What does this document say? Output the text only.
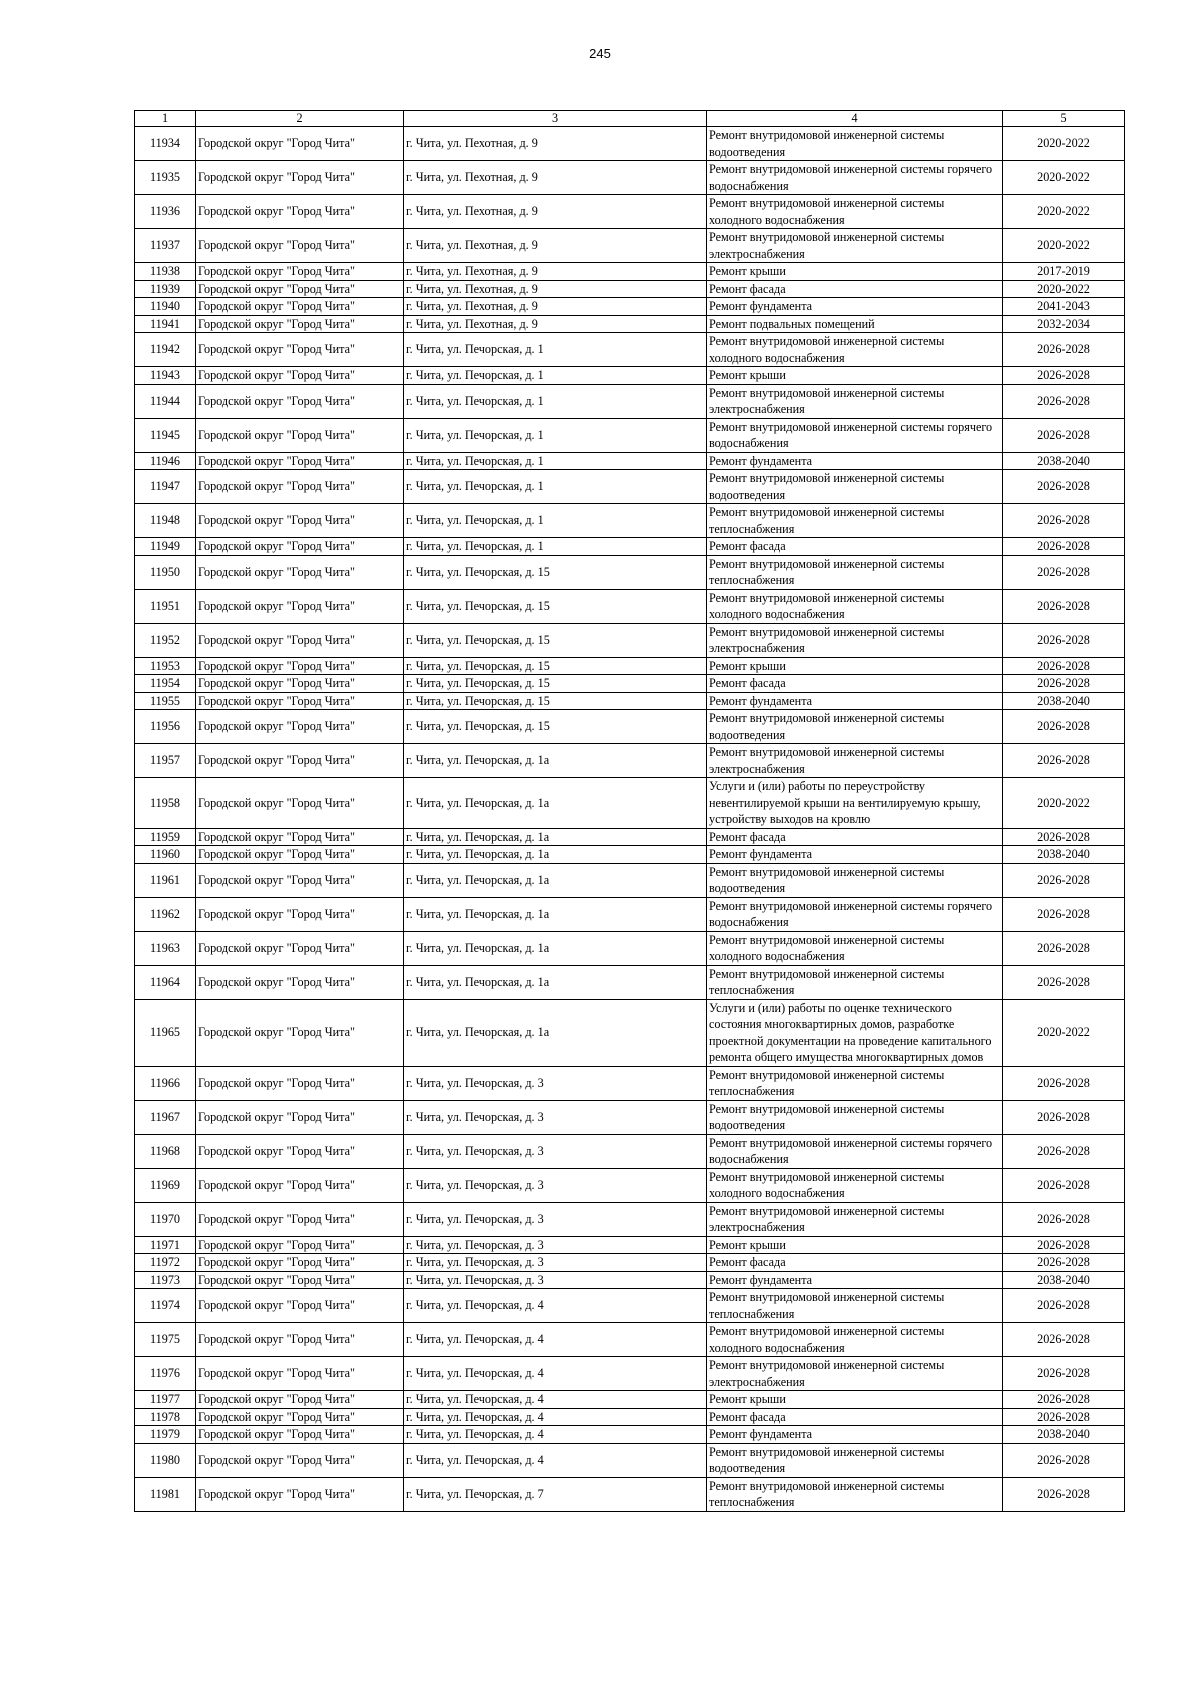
245
1	2	3	4	5
11934	Городской округ "Город Чита"	г. Чита, ул. Пехотная, д. 9	Ремонт внутридомовой инженерной системы водоотведения	2020-2022
11935	Городской округ "Город Чита"	г. Чита, ул. Пехотная, д. 9	Ремонт внутридомовой инженерной системы горячего водоснабжения	2020-2022
11936	Городской округ "Город Чита"	г. Чита, ул. Пехотная, д. 9	Ремонт внутридомовой инженерной системы холодного водоснабжения	2020-2022
11937	Городской округ "Город Чита"	г. Чита, ул. Пехотная, д. 9	Ремонт внутридомовой инженерной системы электроснабжения	2020-2022
11938	Городской округ "Город Чита"	г. Чита, ул. Пехотная, д. 9	Ремонт крыши	2017-2019
11939	Городской округ "Город Чита"	г. Чита, ул. Пехотная, д. 9	Ремонт фасада	2020-2022
11940	Городской округ "Город Чита"	г. Чита, ул. Пехотная, д. 9	Ремонт фундамента	2041-2043
11941	Городской округ "Город Чита"	г. Чита, ул. Пехотная, д. 9	Ремонт подвальных помещений	2032-2034
11942	Городской округ "Город Чита"	г. Чита, ул. Печорская, д. 1	Ремонт внутридомовой инженерной системы холодного водоснабжения	2026-2028
11943	Городской округ "Город Чита"	г. Чита, ул. Печорская, д. 1	Ремонт крыши	2026-2028
11944	Городской округ "Город Чита"	г. Чита, ул. Печорская, д. 1	Ремонт внутридомовой инженерной системы электроснабжения	2026-2028
11945	Городской округ "Город Чита"	г. Чита, ул. Печорская, д. 1	Ремонт внутридомовой инженерной системы горячего водоснабжения	2026-2028
11946	Городской округ "Город Чита"	г. Чита, ул. Печорская, д. 1	Ремонт фундамента	2038-2040
11947	Городской округ "Город Чита"	г. Чита, ул. Печорская, д. 1	Ремонт внутридомовой инженерной системы водоотведения	2026-2028
11948	Городской округ "Город Чита"	г. Чита, ул. Печорская, д. 1	Ремонт внутридомовой инженерной системы теплоснабжения	2026-2028
11949	Городской округ "Город Чита"	г. Чита, ул. Печорская, д. 1	Ремонт фасада	2026-2028
11950	Городской округ "Город Чита"	г. Чита, ул. Печорская, д. 15	Ремонт внутридомовой инженерной системы теплоснабжения	2026-2028
11951	Городской округ "Город Чита"	г. Чита, ул. Печорская, д. 15	Ремонт внутридомовой инженерной системы холодного водоснабжения	2026-2028
11952	Городской округ "Город Чита"	г. Чита, ул. Печорская, д. 15	Ремонт внутридомовой инженерной системы электроснабжения	2026-2028
11953	Городской округ "Город Чита"	г. Чита, ул. Печорская, д. 15	Ремонт крыши	2026-2028
11954	Городской округ "Город Чита"	г. Чита, ул. Печорская, д. 15	Ремонт фасада	2026-2028
11955	Городской округ "Город Чита"	г. Чита, ул. Печорская, д. 15	Ремонт фундамента	2038-2040
11956	Городской округ "Город Чита"	г. Чита, ул. Печорская, д. 15	Ремонт внутридомовой инженерной системы водоотведения	2026-2028
11957	Городской округ "Город Чита"	г. Чита, ул. Печорская, д. 1а	Ремонт внутридомовой инженерной системы электроснабжения	2026-2028
11958	Городской округ "Город Чита"	г. Чита, ул. Печорская, д. 1а	Услуги и (или) работы по переустройству невентилируемой крыши на вентилируемую крышу, устройству выходов на кровлю	2020-2022
11959	Городской округ "Город Чита"	г. Чита, ул. Печорская, д. 1а	Ремонт фасада	2026-2028
11960	Городской округ "Город Чита"	г. Чита, ул. Печорская, д. 1а	Ремонт фундамента	2038-2040
11961	Городской округ "Город Чита"	г. Чита, ул. Печорская, д. 1а	Ремонт внутридомовой инженерной системы водоотведения	2026-2028
11962	Городской округ "Город Чита"	г. Чита, ул. Печорская, д. 1а	Ремонт внутридомовой инженерной системы горячего водоснабжения	2026-2028
11963	Городской округ "Город Чита"	г. Чита, ул. Печорская, д. 1а	Ремонт внутридомовой инженерной системы холодного водоснабжения	2026-2028
11964	Городской округ "Город Чита"	г. Чита, ул. Печорская, д. 1а	Ремонт внутридомовой инженерной системы теплоснабжения	2026-2028
11965	Городской округ "Город Чита"	г. Чита, ул. Печорская, д. 1а	Услуги и (или) работы по оценке технического состояния многоквартирных домов, разработке проектной документации на проведение капитального ремонта общего имущества многоквартирных домов	2020-2022
11966	Городской округ "Город Чита"	г. Чита, ул. Печорская, д. 3	Ремонт внутридомовой инженерной системы теплоснабжения	2026-2028
11967	Городской округ "Город Чита"	г. Чита, ул. Печорская, д. 3	Ремонт внутридомовой инженерной системы водоотведения	2026-2028
11968	Городской округ "Город Чита"	г. Чита, ул. Печорская, д. 3	Ремонт внутридомовой инженерной системы горячего водоснабжения	2026-2028
11969	Городской округ "Город Чита"	г. Чита, ул. Печорская, д. 3	Ремонт внутридомовой инженерной системы холодного водоснабжения	2026-2028
11970	Городской округ "Город Чита"	г. Чита, ул. Печорская, д. 3	Ремонт внутридомовой инженерной системы электроснабжения	2026-2028
11971	Городской округ "Город Чита"	г. Чита, ул. Печорская, д. 3	Ремонт крыши	2026-2028
11972	Городской округ "Город Чита"	г. Чита, ул. Печорская, д. 3	Ремонт фасада	2026-2028
11973	Городской округ "Город Чита"	г. Чита, ул. Печорская, д. 3	Ремонт фундамента	2038-2040
11974	Городской округ "Город Чита"	г. Чита, ул. Печорская, д. 4	Ремонт внутридомовой инженерной системы теплоснабжения	2026-2028
11975	Городской округ "Город Чита"	г. Чита, ул. Печорская, д. 4	Ремонт внутридомовой инженерной системы холодного водоснабжения	2026-2028
11976	Городской округ "Город Чита"	г. Чита, ул. Печорская, д. 4	Ремонт внутридомовой инженерной системы электроснабжения	2026-2028
11977	Городской округ "Город Чита"	г. Чита, ул. Печорская, д. 4	Ремонт крыши	2026-2028
11978	Городской округ "Город Чита"	г. Чита, ул. Печорская, д. 4	Ремонт фасада	2026-2028
11979	Городской округ "Город Чита"	г. Чита, ул. Печорская, д. 4	Ремонт фундамента	2038-2040
11980	Городской округ "Город Чита"	г. Чита, ул. Печорская, д. 4	Ремонт внутридомовой инженерной системы водоотведения	2026-2028
11981	Городской округ "Город Чита"	г. Чита, ул. Печорская, д. 7	Ремонт внутридомовой инженерной системы теплоснабжения	2026-2028
